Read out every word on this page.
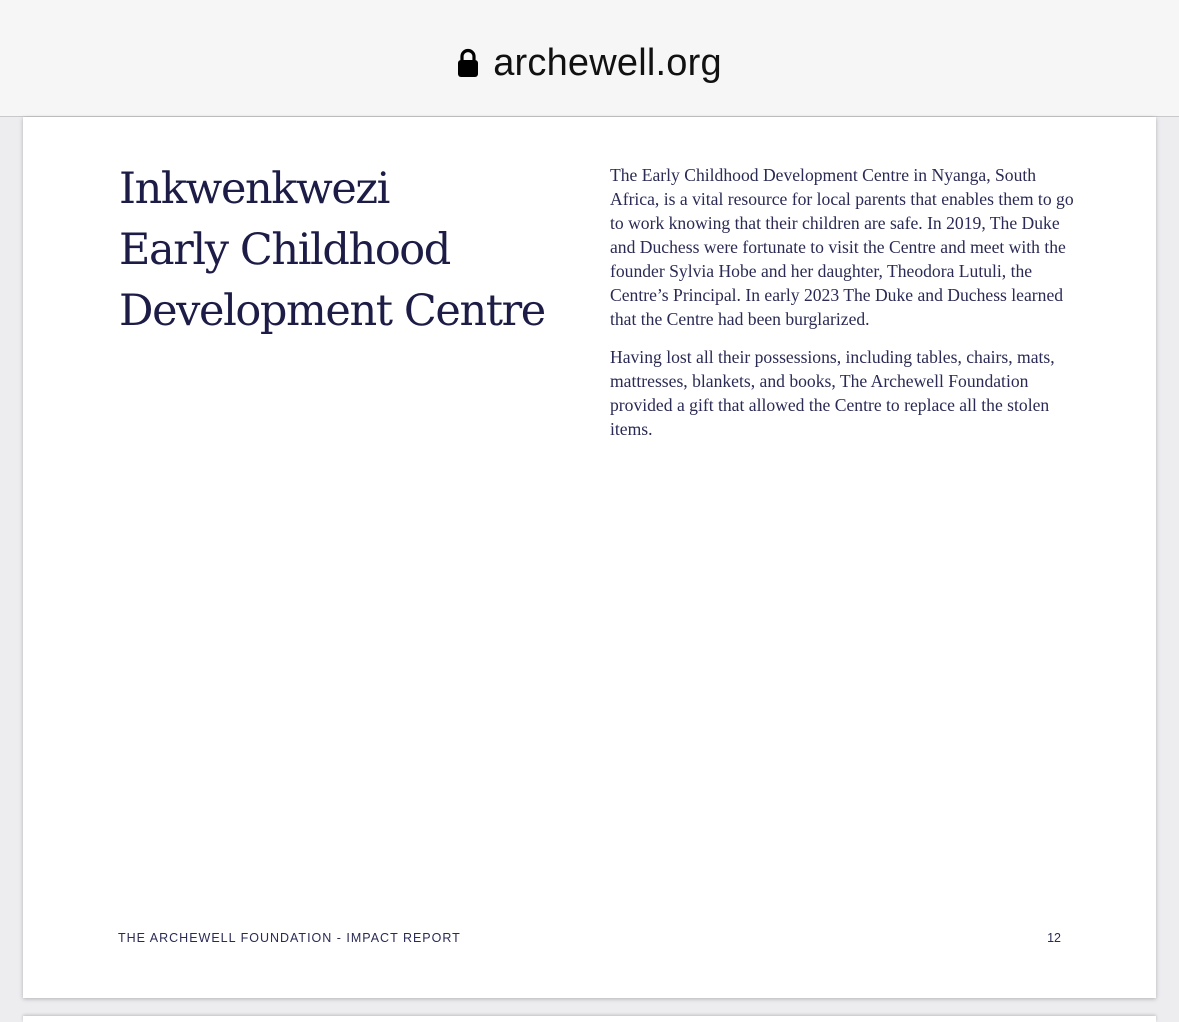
archewell.org
Inkwenkwezi
Early Childhood
Development Centre

The Early Childhood Development Centre in Nyanga, South Africa, is a vital resource for local parents that enables them to go to work knowing that their children are safe. In 2019, The Duke and Duchess were fortunate to visit the Centre and meet with the founder Sylvia Hobe and her daughter, Theodora Lutuli, the Centre’s Principal. In early 2023 The Duke and Duchess learned that the Centre had been burglarized.

Having lost all their possessions, including tables, chairs, mats, mattresses, blankets, and books, The Archewell Foundation provided a gift that allowed the Centre to replace all the stolen items.

THE ARCHEWELL FOUNDATION - IMPACT REPORT	12
